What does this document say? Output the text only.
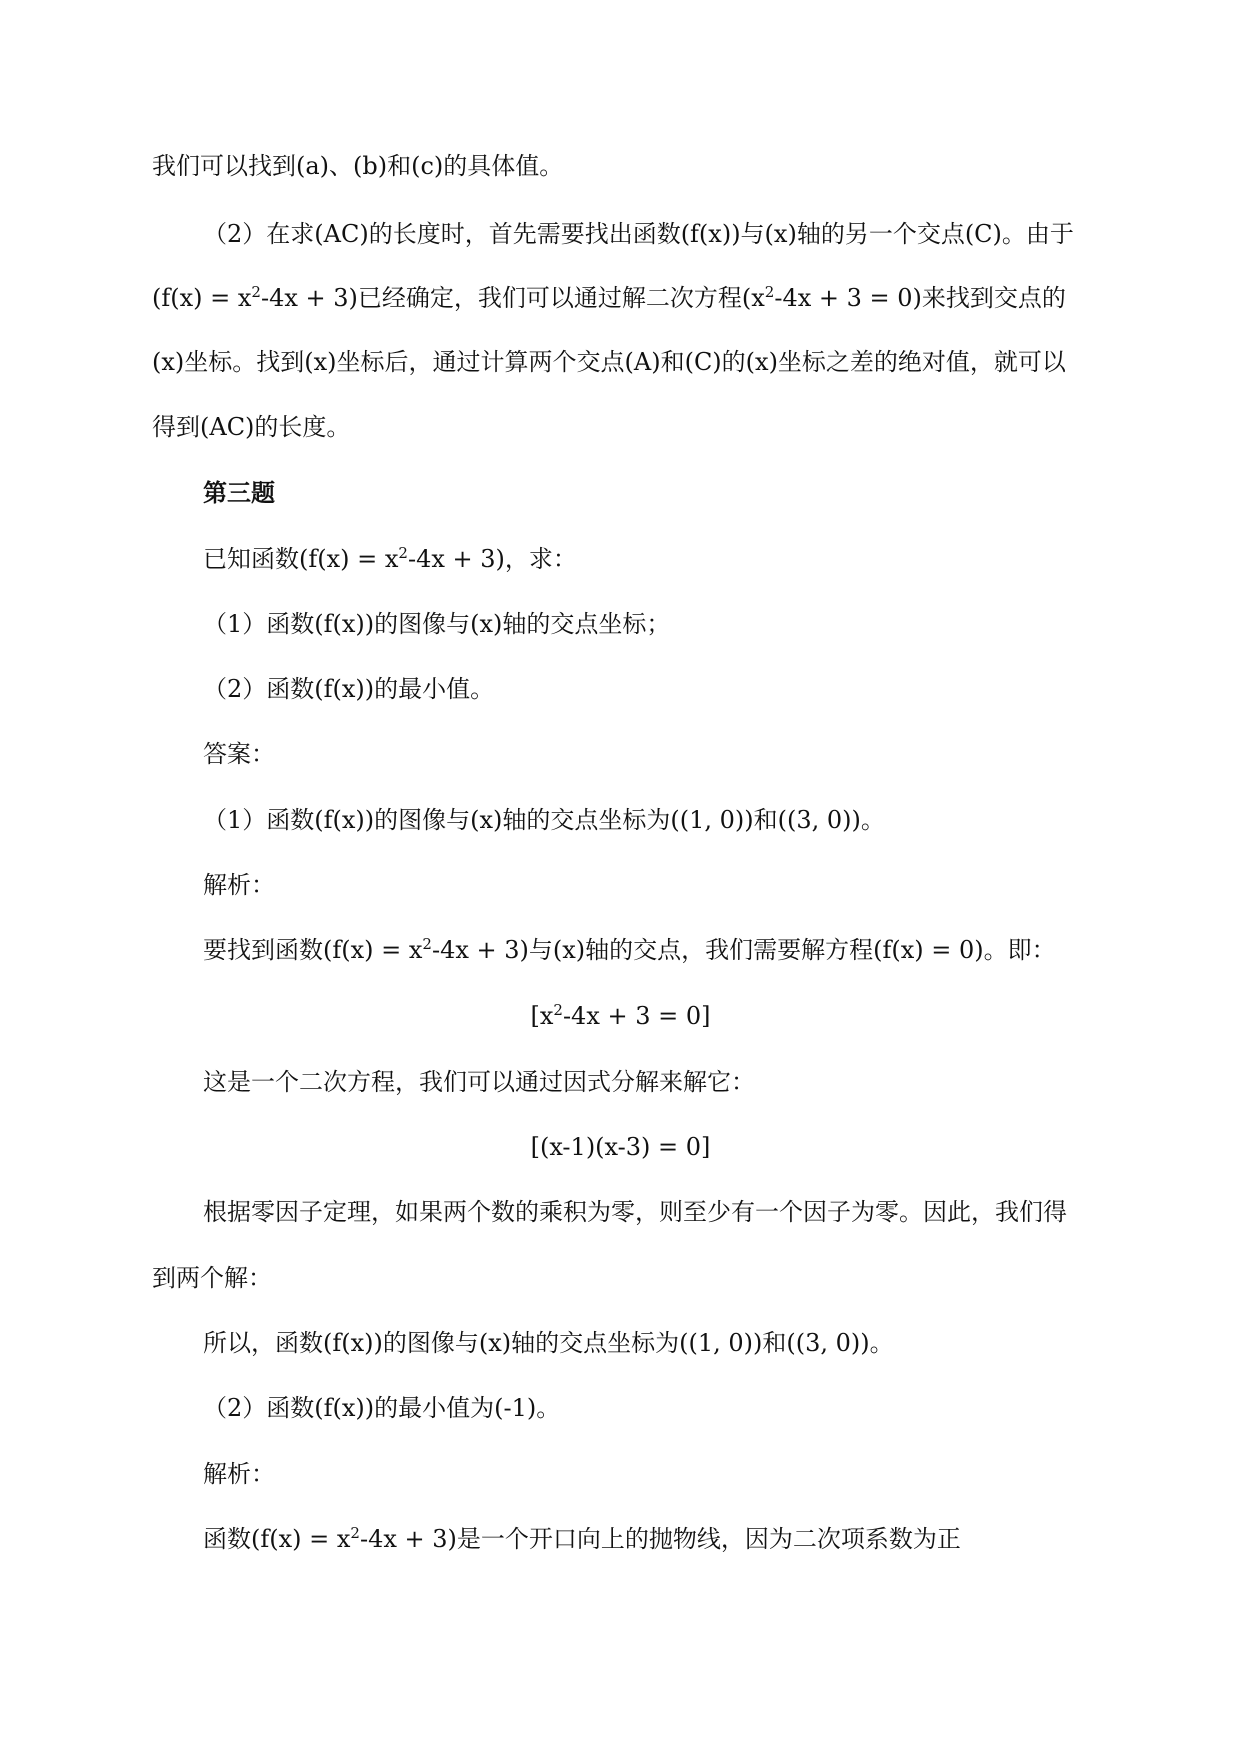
我们可以找到(a)、(b)和(c)的具体值。
（2）在求(AC)的长度时，首先需要找出函数(f(x))与(x)轴的另一个交点(C)。由于
$(f(x) = x^2-4x + 3)$已经确定，我们可以通过解二次方程$(x^2-4x + 3 = 0)$来找到交点的
(x)坐标。找到(x)坐标后，通过计算两个交点(A)和(C)的(x)坐标之差的绝对值，就可以
得到(AC)的长度。
第三题
已知函数$(f(x) = x^2-4x + 3)$，求：
（1）函数(f(x))的图像与(x)轴的交点坐标；
（2）函数(f(x))的最小值。
答案：
（1）函数(f(x))的图像与(x)轴的交点坐标为((1, 0))和((3, 0))。
解析：
要找到函数$(f(x) = x^2-4x + 3)$与(x)轴的交点，我们需要解方程(f(x) = 0)。即：
$[x^2-4x + 3 = 0]$
这是一个二次方程，我们可以通过因式分解来解它：
[(x-1)(x-3) = 0]
根据零因子定理，如果两个数的乘积为零，则至少有一个因子为零。因此，我们得
到两个解：
所以，函数(f(x))的图像与(x)轴的交点坐标为((1, 0))和((3, 0))。
（2）函数(f(x))的最小值为(-1)。
解析：
函数$(f(x) = x^2-4x + 3)$是一个开口向上的抛物线，因为二次项系数为正
